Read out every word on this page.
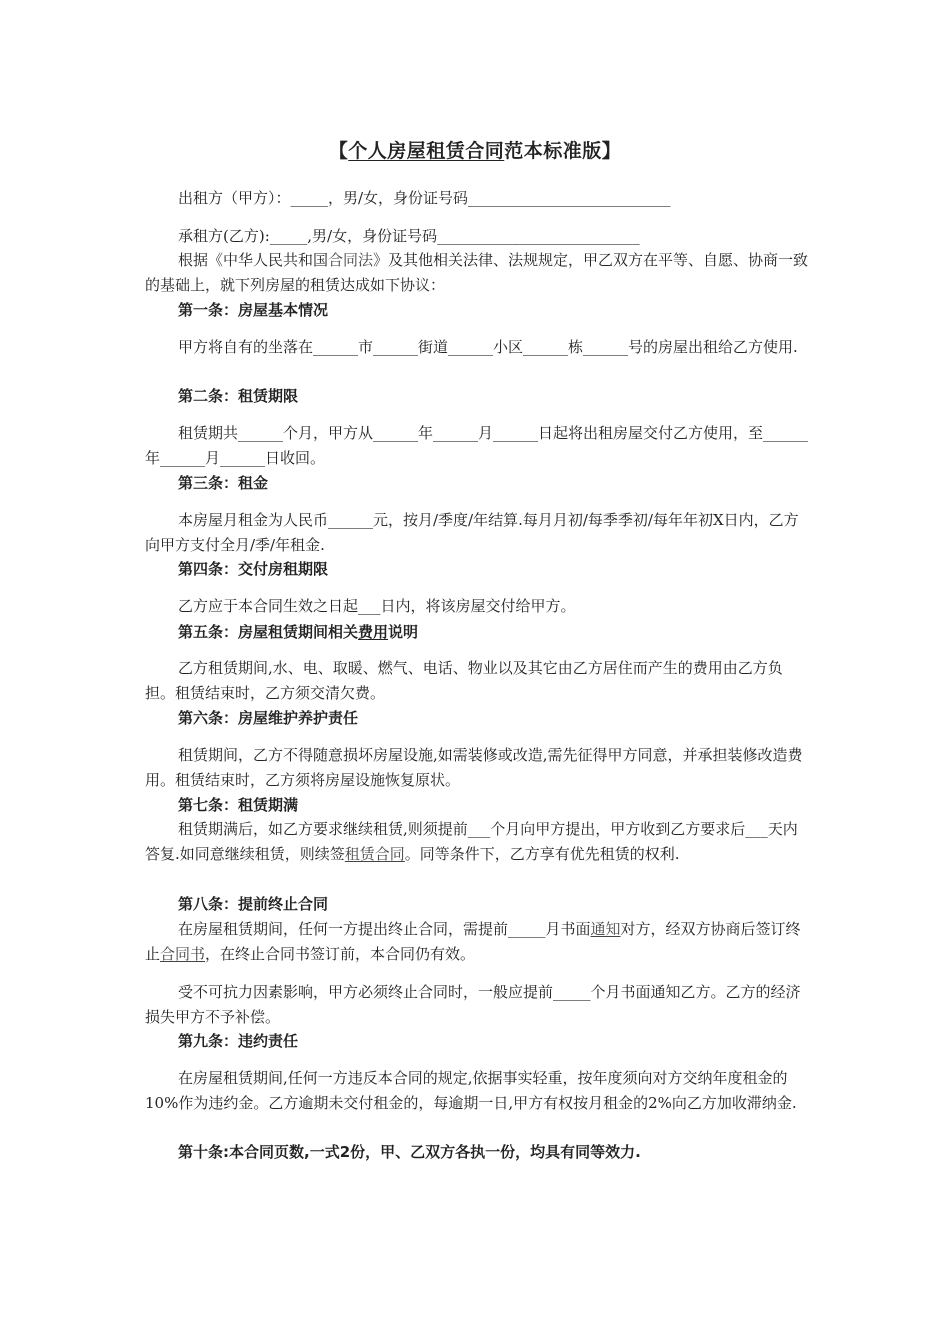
【个人房屋租赁合同范本标准版】
出租方（甲方）：_____，男/女，身份证号码___________________________
承租方(乙方):_____,男/女，身份证号码___________________________
根据《中华人民共和国合同法》及其他相关法律、法规规定，甲乙双方在平等、自愿、协商一致的基础上，就下列房屋的租赁达成如下协议：
第一条：房屋基本情况
甲方将自有的坐落在______市______街道______小区______栋______号的房屋出租给乙方使用.
第二条：租赁期限
租赁期共______个月，甲方从______年______月______日起将出租房屋交付乙方使用，至______年______月______日收回。
第三条：租金
本房屋月租金为人民币______元，按月/季度/年结算.每月月初/每季季初/每年年初X日内，乙方向甲方支付全月/季/年租金.
第四条：交付房租期限
乙方应于本合同生效之日起___日内，将该房屋交付给甲方。
第五条：房屋租赁期间相关费用说明
乙方租赁期间,水、电、取暖、燃气、电话、物业以及其它由乙方居住而产生的费用由乙方负担。租赁结束时，乙方须交清欠费。
第六条：房屋维护养护责任
租赁期间，乙方不得随意损坏房屋设施,如需装修或改造,需先征得甲方同意，并承担装修改造费用。租赁结束时，乙方须将房屋设施恢复原状。
第七条：租赁期满
租赁期满后，如乙方要求继续租赁,则须提前___个月向甲方提出，甲方收到乙方要求后___天内答复.如同意继续租赁，则续签租赁合同。同等条件下，乙方享有优先租赁的权利.
第八条：提前终止合同
在房屋租赁期间，任何一方提出终止合同，需提前_____月书面通知对方，经双方协商后签订终止合同书，在终止合同书签订前，本合同仍有效。
受不可抗力因素影响，甲方必须终止合同时，一般应提前_____个月书面通知乙方。乙方的经济损失甲方不予补偿。
第九条：违约责任
在房屋租赁期间,任何一方违反本合同的规定,依据事实轻重，按年度须向对方交纳年度租金的10%作为违约金。乙方逾期未交付租金的，每逾期一日,甲方有权按月租金的2%向乙方加收滞纳金.
第十条:本合同页数,一式2份，甲、乙双方各执一份，均具有同等效力.
